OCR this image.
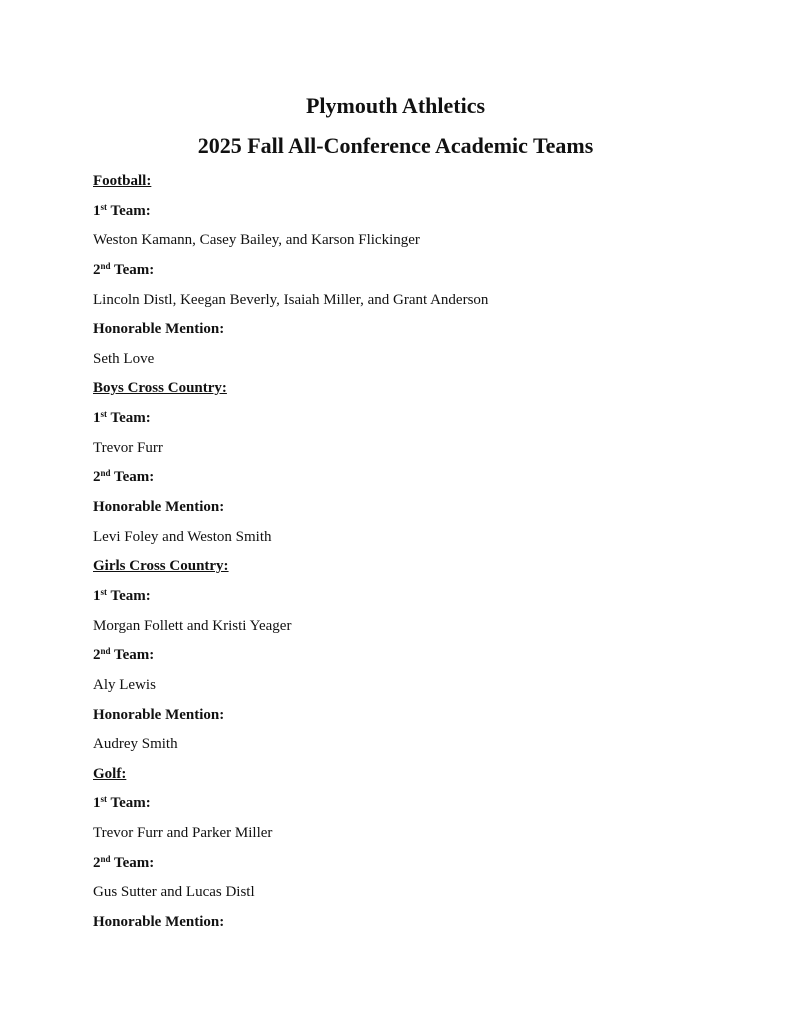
Plymouth Athletics
2025 Fall All-Conference Academic Teams
Football:
1st Team:
Weston Kamann, Casey Bailey, and Karson Flickinger
2nd Team:
Lincoln Distl, Keegan Beverly, Isaiah Miller, and Grant Anderson
Honorable Mention:
Seth Love
Boys Cross Country:
1st Team:
Trevor Furr
2nd Team:
Honorable Mention:
Levi Foley and Weston Smith
Girls Cross Country:
1st Team:
Morgan Follett and Kristi Yeager
2nd Team:
Aly Lewis
Honorable Mention:
Audrey Smith
Golf:
1st Team:
Trevor Furr and Parker Miller
2nd Team:
Gus Sutter and Lucas Distl
Honorable Mention:
